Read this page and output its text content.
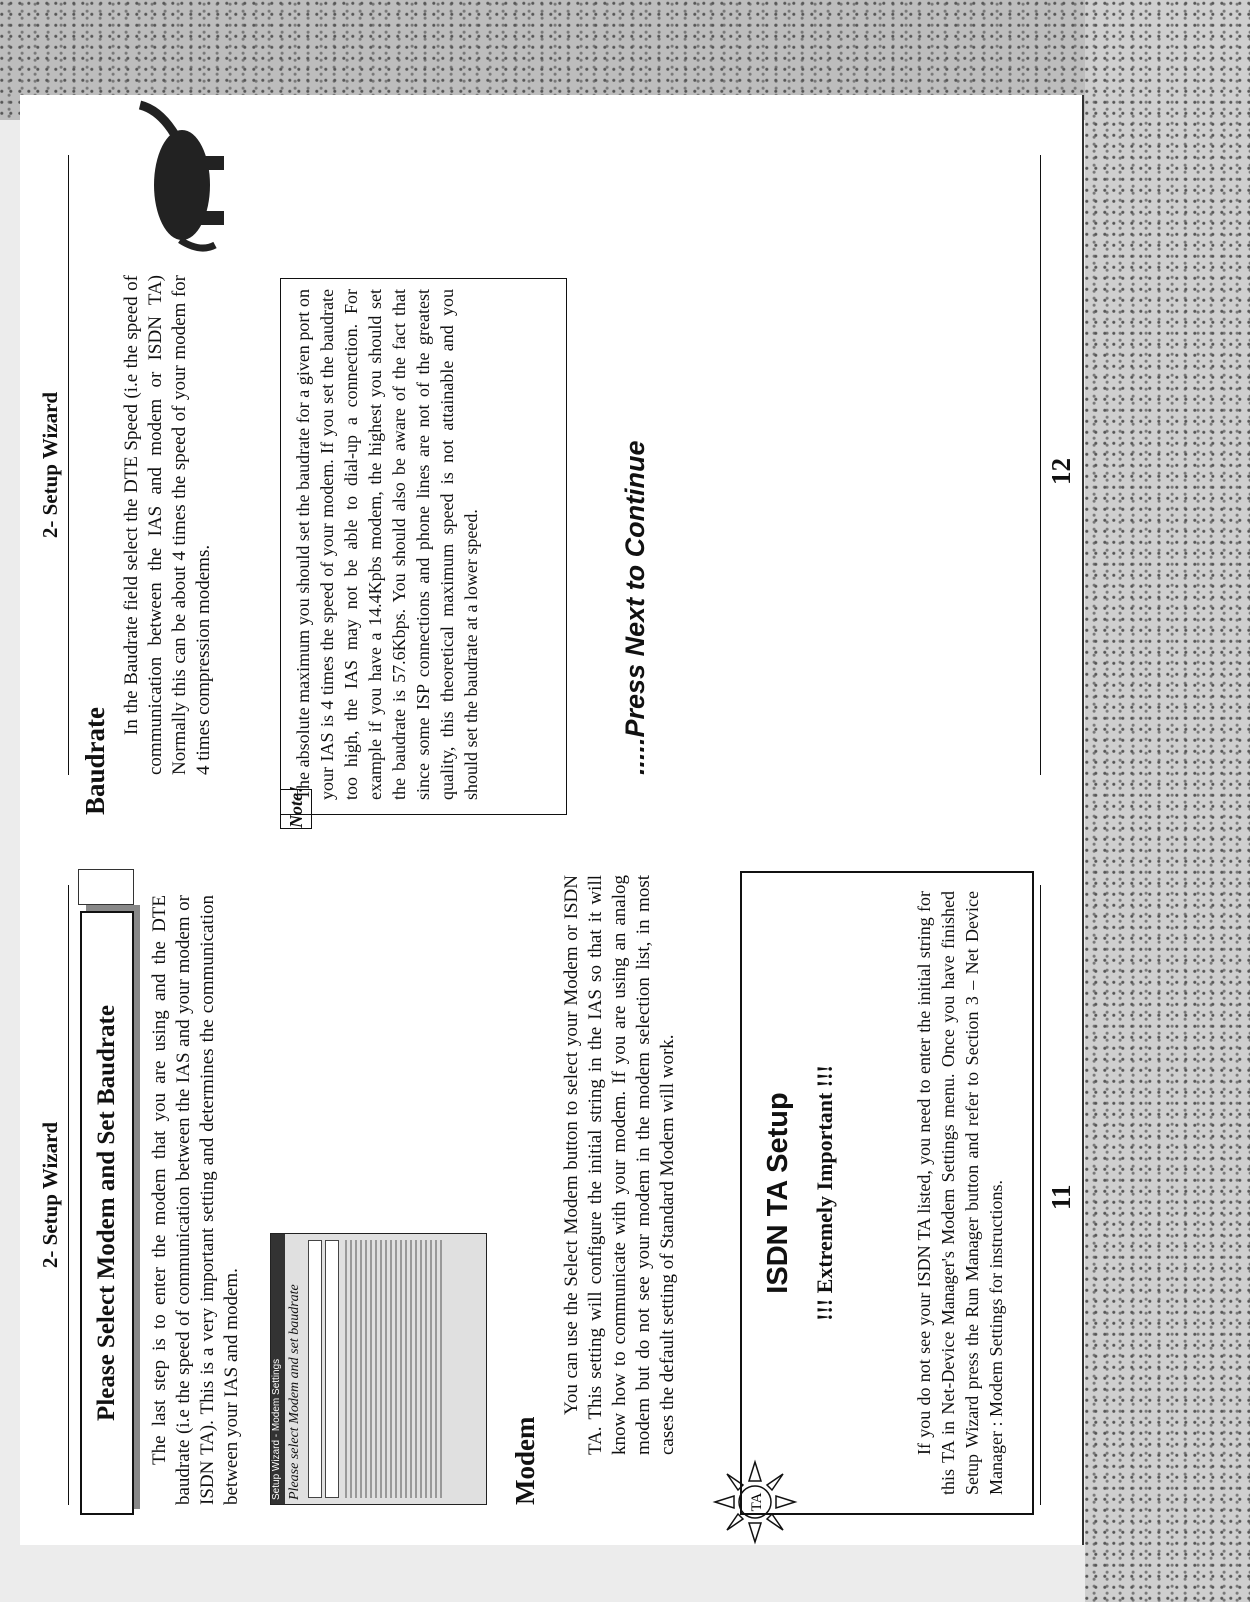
2- Setup Wizard	Please Select Modem and Set Baudrate	The last step is to enter the modem that you are using and the DTE baudrate (i.e the speed of communication between the IAS and your modem or ISDN TA). This is a very important setting and determines the communication between your IAS and modem.	Setup Wizard - Modem Settings Please select Modem and set baudrate	Modem
You can use the Select Modem button to select your Modem or ISDN TA. This setting will configure the initial string in the IAS so that it will know how to communicate with your modem. If you are using an analog modem but do not see your modem in the modem selection list, in most cases the default setting of Standard Modem will work.	ISDN TA Setup !!! Extremely Important !!!	If you do not see your ISDN TA listed, you need to enter the initial string for this TA in Net-Device Manager's Modem Settings menu. Once you have finished Setup Wizard press the Run Manager button and refer to Section 3 – Net Device Manager : Modem Settings for instructions.
TA
11
2- Setup Wizard
Baudrate
In the Baudrate field select the DTE Speed (i.e the speed of communication between the IAS and modem or ISDN TA) Normally this can be about 4 times the speed of your modem for 4 times compression modems.
Note!
The absolute maximum you should set the baudrate for a given port on your IAS is 4 times the speed of your modem. If you set the baudrate too high, the IAS may not be able to dial-up a connection. For example if you have a 14.4Kpbs modem, the highest you should set the baudrate is 57.6Kbps. You should also be aware of the fact that since some ISP connections and phone lines are not of the greatest quality, this theoretical maximum speed is not attainable and you should set the baudrate at a lower speed.	.....Press Next to Continue	12
